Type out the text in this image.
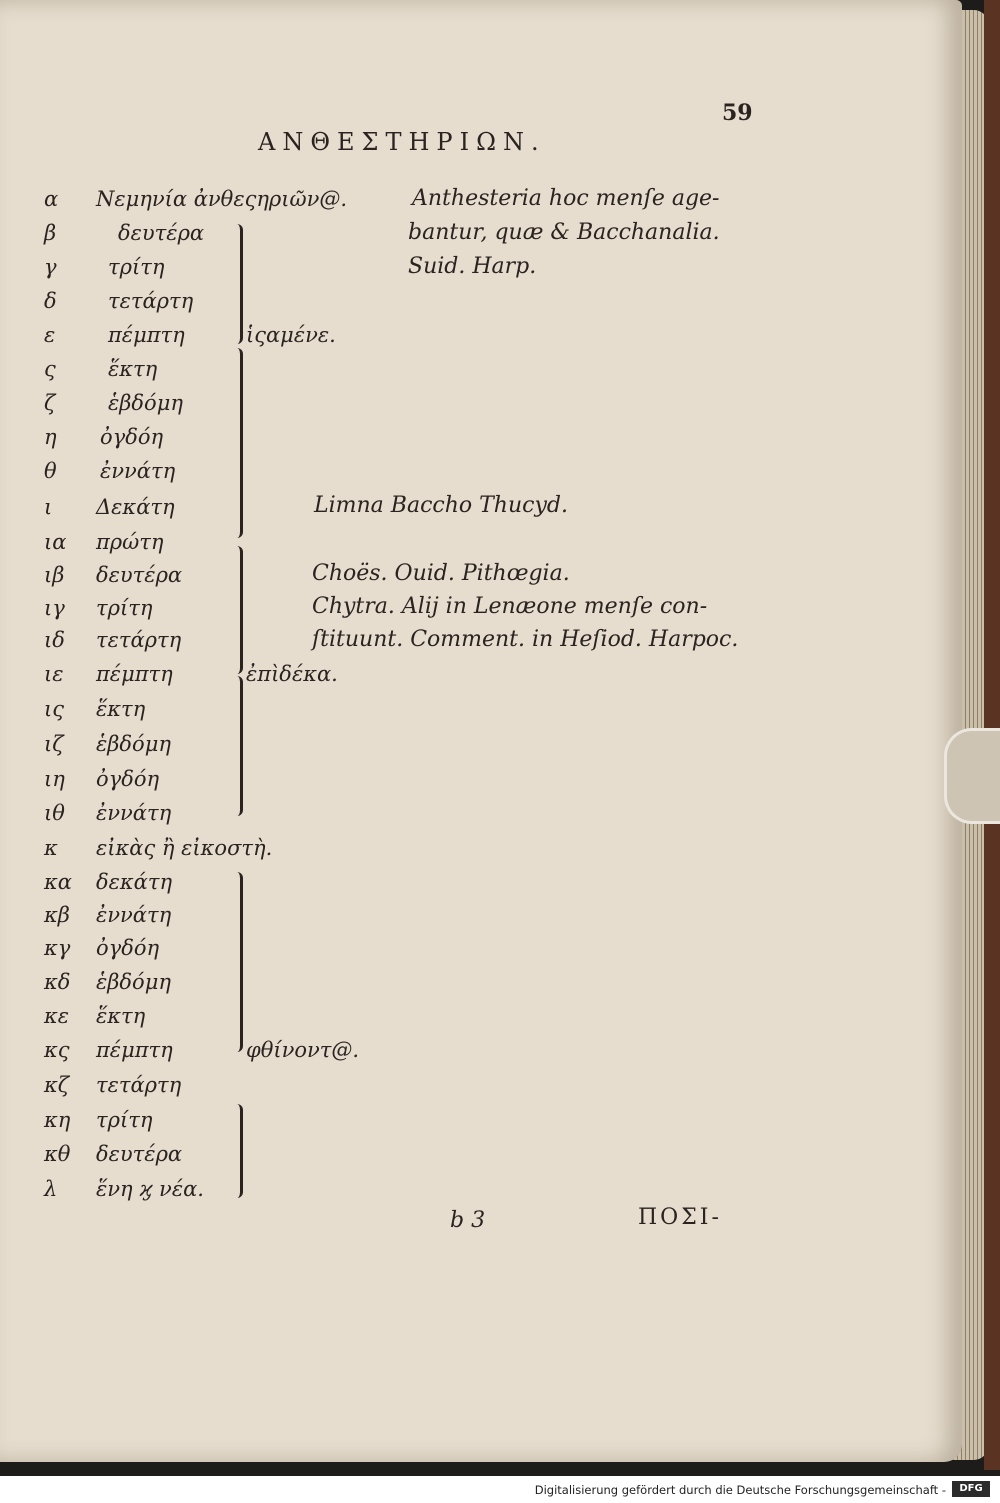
ΑΝΘΕΣΤΗΡΙΩΝ.
59
α	Νεμηνία ἀνθεςηριῶν@.
β	δευτέρα
γ	τρίτη
δ	τετάρτη
ε	πέμπτη
ς	ἕκτη
ζ	ἑβδόμη
η	ὀγδόη
θ	ἐννάτη
ι	Δεκάτη
ια	πρώτη
ιβ	δευτέρα
ιγ	τρίτη
ιδ	τετάρτη
ιε	πέμπτη
ις	ἕκτη
ιζ	ἑβδόμη
ιη	ὀγδόη
ιθ	ἐννάτη
κ	εἰκὰς ἢ εἰκοστὴ.
κα	δεκάτη
κβ	ἐννάτη
κγ	ὀγδόη
κδ	ἑβδόμη
κε	ἕκτη
κς	πέμπτη
κζ	τετάρτη
κη	τρίτη
κθ	δευτέρα
λ	ἕνη ϗ νέα.
ἱςαμένε.
ἐπὶδέκα.
φθίνοντ@.
Anthesteria hoc menſe age-
bantur, quæ & Bacchanalia.
Suid. Harp.
Limna Baccho Thucyd.
Choës. Ouid. Pithœgia.
Chytra. Alij in Lenæone menſe con-
ſtituunt. Comment. in Heſiod. Harpoc.
b 3	ΠΟΣΙ-
Digitalisierung gefördert durch die Deutsche Forschungsgemeinschaft -	DFG
